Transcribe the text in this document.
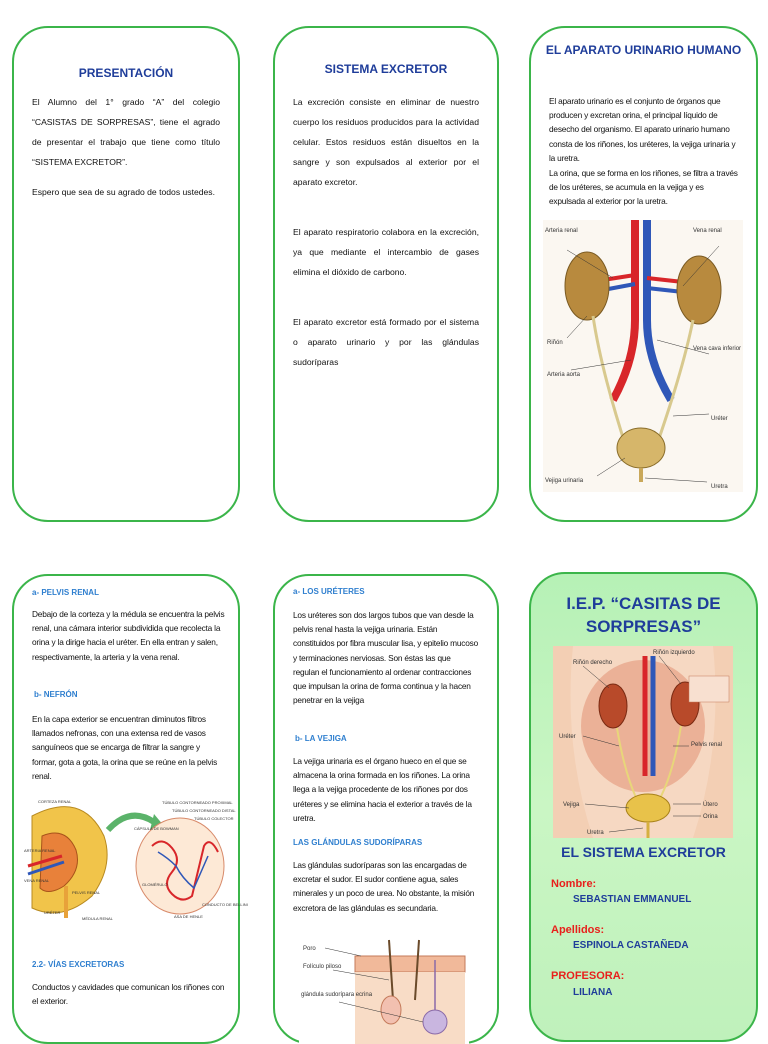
PRESENTACIÓN
El Alumno del 1° grado “A” del colegio “CASISTAS DE SORPRESAS”, tiene el agrado de presentar el trabajo que tiene como título “SISTEMA EXCRETOR”.
Espero que sea de su agrado de todos ustedes.
SISTEMA EXCRETOR
La excreción consiste en eliminar de nuestro cuerpo los residuos producidos para la actividad celular. Estos residuos están disueltos en la sangre y son expulsados al exterior por el aparato excretor.
El aparato respiratorio colabora en la excreción, ya que mediante el intercambio de gases elimina el dióxido de carbono.
El aparato excretor está formado por el sistema o aparato urinario y por las glándulas sudoríparas
EL APARATO URINARIO HUMANO
El aparato urinario es el conjunto de órganos que producen y excretan orina, el principal líquido de desecho del organismo. El aparato urinario humano consta de los riñones, los uréteres, la vejiga urinaria y la uretra.
La orina, que se forma en los riñones, se filtra a través de los uréteres, se acumula en la vejiga y es expulsada al exterior por la uretra.
Arteria renal	Vena renal
Riñón
Vena cava inferior
Arteria aorta
Uréter
Vejiga urinaria
Uretra
a- PELVIS RENAL
Debajo de la corteza y la médula se encuentra la pelvis renal, una cámara interior subdividida que recolecta la orina y la dirige hacia el uréter. En ella entran y salen, respectivamente, la arteria y la vena renal.
b- NEFRÓN
En la capa exterior se encuentran diminutos filtros llamados nefronas, con una extensa red de vasos sanguíneos que se encarga de filtrar la sangre y formar, gota a gota, la orina que se reúne en la pelvis renal.
CORTEZA RENAL
ARTERIA RENAL
VENA RENAL
PELVIS RENAL
URÉTER
MÉDULA RENAL
CÁPSULA DE BOWMAN
GLOMÉRULO
TÚBULO CONTORNEADO PROXIMAL
TÚBULO CONTORNEADO DISTAL
TÚBULO COLECTOR
ASA DE HENLE
CONDUCTO DE BELLINI
2.2- VÍAS EXCRETORAS
Conductos y cavidades que comunican los riñones con el exterior.
a- LOS URÉTERES
Los uréteres son dos largos tubos que van desde la pelvis renal hasta la vejiga urinaria. Están constituidos por fibra muscular lisa, y epitelio mucoso y terminaciones nerviosas. Son éstas las que regulan el funcionamiento al ordenar contracciones que impulsan la orina de forma continua y la hacen penetrar en la vejiga
b- LA VEJIGA
La vejiga urinaria es el órgano hueco en el que se almacena la orina formada en los riñones. La orina llega a la vejiga procedente de los riñones por dos uréteres y se elimina hacia el exterior a través de la uretra.
LAS GLÁNDULAS SUDORÍPARAS
Las glándulas sudoríparas son las encargadas de excretar el sudor. El sudor contiene agua, sales minerales y un poco de urea. No obstante, la misión excretora de las glándulas es secundaria.
Poro
Folículo piloso
glándula sudorípara ecrina
I.E.P. “CASITAS DE SORPRESAS”
Riñón derecho
Riñón izquierdo
Uréter
Pelvis renal
Vejiga	Útero
Orina
Uretra
EL SISTEMA EXCRETOR
Nombre:
SEBASTIAN EMMANUEL
Apellidos:
ESPINOLA CASTAÑEDA
PROFESORA:
LILIANA
